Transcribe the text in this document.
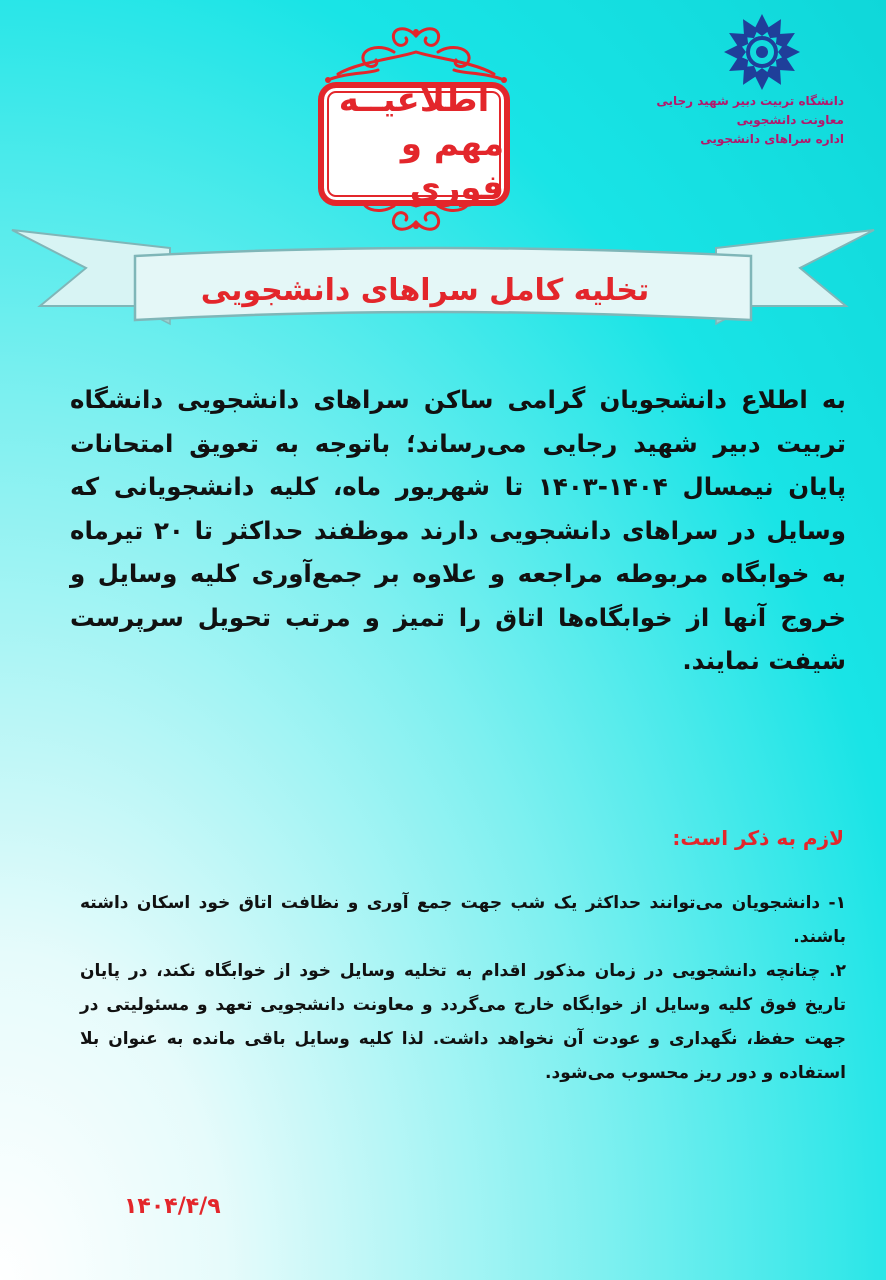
اطلاعیــه
مهم و فوری
دانشگاه تربیت دبیر شهید رجایی
معاونت دانشجویی
اداره سراهای دانشجویی
تخلیه کامل سراهای دانشجویی
به اطلاع دانشجویان گرامی ساکن سراهای دانشجویی دانشگاه تربیت دبیر شهید رجایی می‌رساند؛ باتوجه به تعویق امتحانات پایان نیمسال ۱۴۰۴-۱۴۰۳ تا شهریور ماه، کلیه دانشجویانی که وسایل در سراهای دانشجویی دارند موظفند حداکثر تا ۲۰ تیرماه به خوابگاه مربوطه مراجعه و علاوه بر جمع‌آوری کلیه وسایل و خروج آنها از خوابگاه‌ها اتاق را تمیز و مرتب تحویل سرپرست شیفت نمایند.
لازم به ذکر است:

۱- دانشجویان می‌توانند حداکثر یک شب جهت جمع آوری و نظافت اتاق خود اسکان داشته باشند.

۲. چنانچه دانشجویی در زمان مذکور اقدام به تخلیه وسایل خود از خوابگاه نکند، در پایان تاریخ فوق کلیه وسایل از خوابگاه خارج می‌گردد و معاونت دانشجویی تعهد و مسئولیتی در جهت حفظ، نگهداری و عودت آن نخواهد داشت. لذا کلیه وسایل باقی مانده به عنوان بلا استفاده و دور ریز محسوب می‌شود.

۱۴۰۴/۴/۹
